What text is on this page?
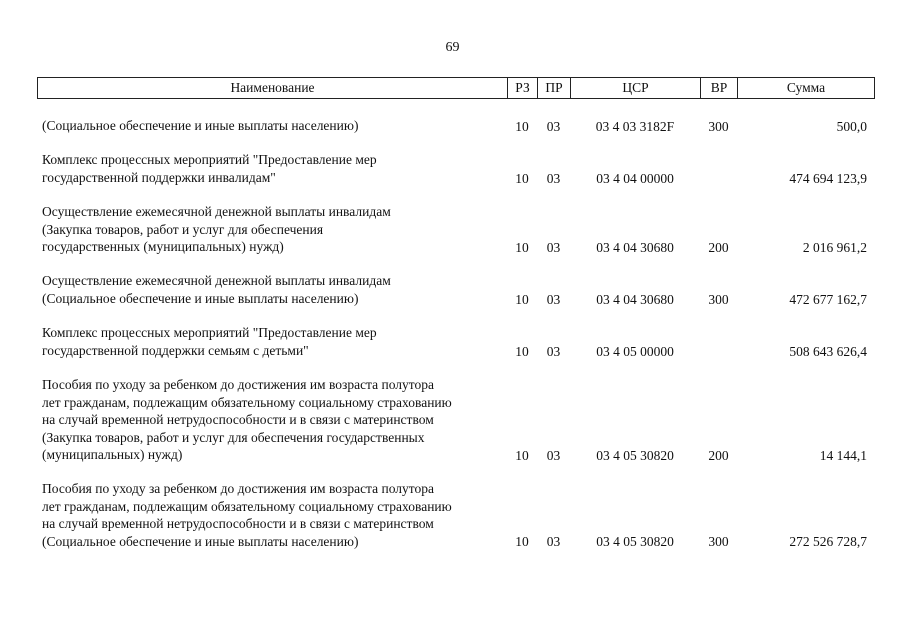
69
Наименование	РЗ	ПР	ЦСР	ВР	Сумма
(Социальное обеспечение и иные выплаты населению)	10	03	03 4 03 3182F	300	500,0
Комплекс процессных мероприятий "Предоставление мер
государственной поддержки инвалидам"	10	03	03 4 04 00000	474 694 123,9
Осуществление ежемесячной денежной выплаты инвалидам
(Закупка товаров, работ и услуг для обеспечения
государственных (муниципальных) нужд)	10	03	03 4 04 30680	200	2 016 961,2
Осуществление ежемесячной денежной выплаты инвалидам
(Социальное обеспечение и иные выплаты населению)	10	03	03 4 04 30680	300	472 677 162,7
Комплекс процессных мероприятий "Предоставление мер
государственной поддержки семьям с детьми"	10	03	03 4 05 00000	508 643 626,4
Пособия по уходу за ребенком до достижения им возраста полутора
лет гражданам, подлежащим обязательному социальному страхованию
на случай временной нетрудоспособности и в связи с материнством
(Закупка товаров, работ и услуг для обеспечения государственных
(муниципальных) нужд)	10	03	03 4 05 30820	200	14 144,1
Пособия по уходу за ребенком до достижения им возраста полутора
лет гражданам, подлежащим обязательному социальному страхованию
на случай временной нетрудоспособности и в связи с материнством
(Социальное обеспечение и иные выплаты населению)	10	03	03 4 05 30820	300	272 526 728,7
